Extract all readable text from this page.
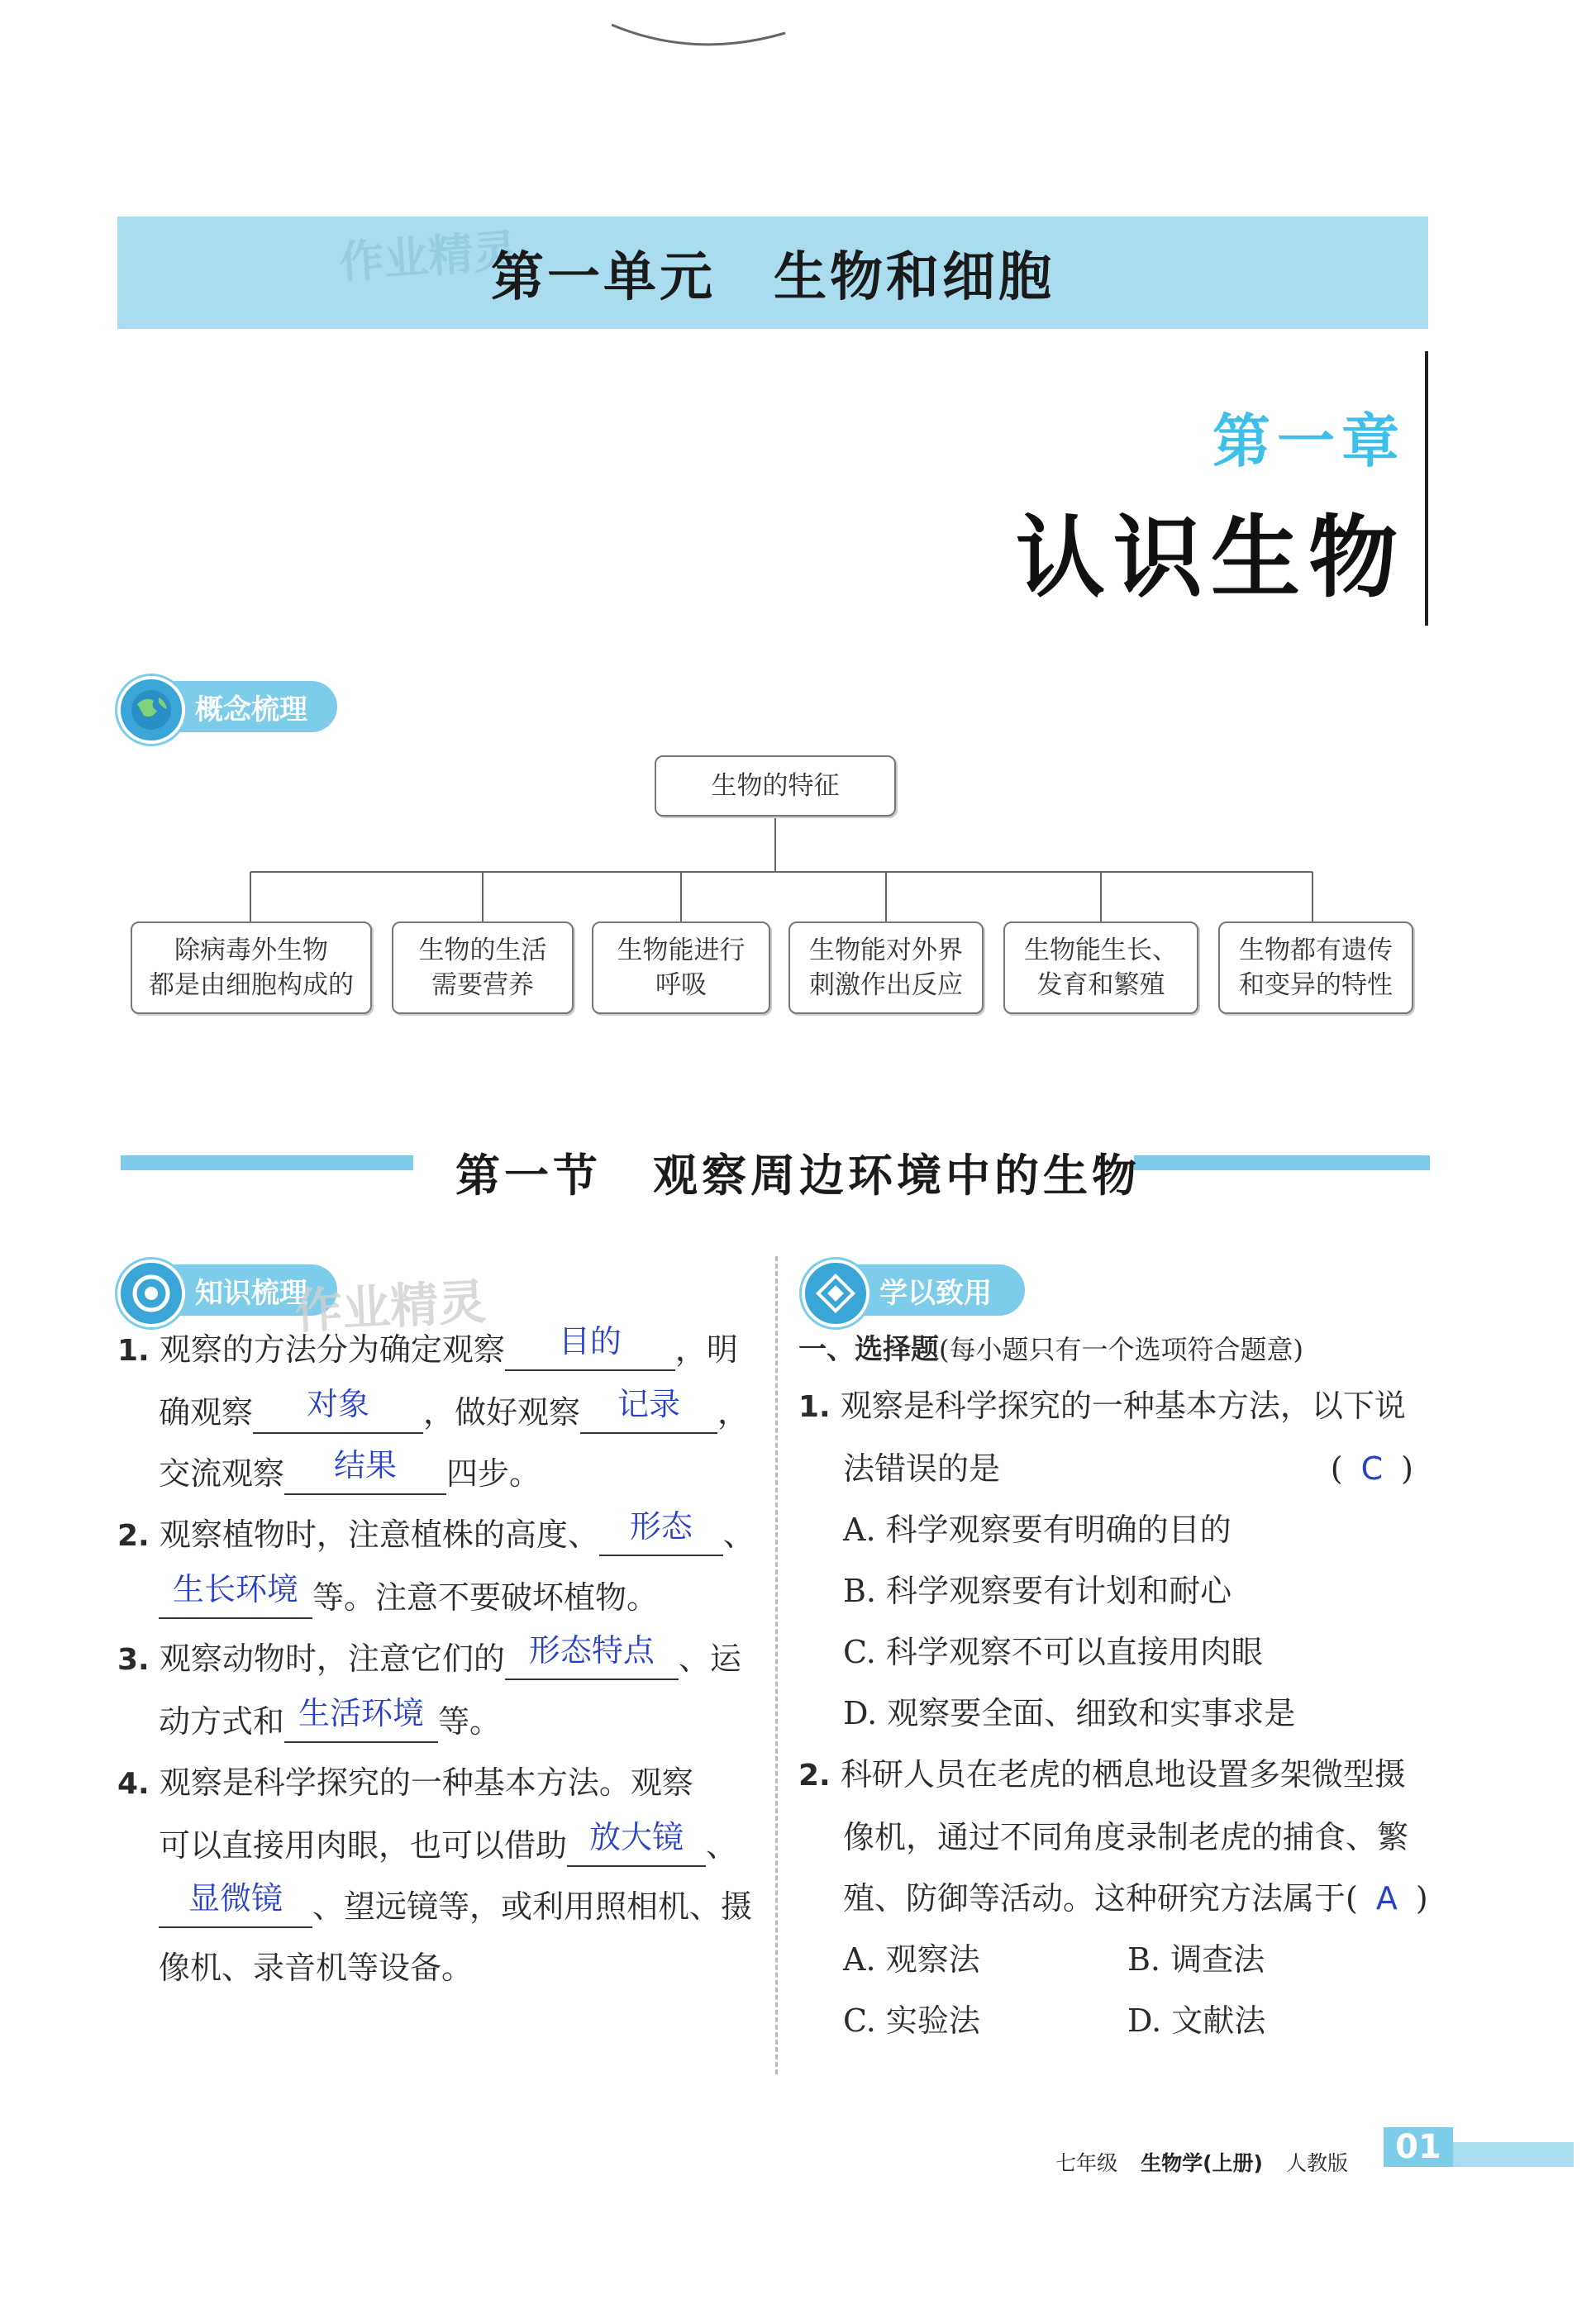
作业精灵
第一单元 生物和细胞
第一章
认识生物
概念梳理
生物的特征
除病毒外生物
都是由细胞构成的
生物的生活
需要营养
生物能进行
呼吸
生物能对外界
刺激作出反应
生物能生长、
发育和繁殖
生物都有遗传
和变异的特性
第一节 观察周边环境中的生物
知识梳理
作业精灵
1. 观察的方法分为确定观察 目的 ，明
确观察 对象 ，做好观察 记录 ，
交流观察 结果 四步。
2. 观察植物时，注意植株的高度、 形态 、
生长环境 等。注意不要破坏植物。
3. 观察动物时，注意它们的 形态特点 、运
动方式和 生活环境 等。
4. 观察是科学探究的一种基本方法。观察
可以直接用肉眼，也可以借助 放大镜 、
显微镜 、望远镜等，或利用照相机、摄
像机、录音机等设备。
学以致用
一、选择题(每小题只有一个选项符合题意)
1. 观察是科学探究的一种基本方法，以下说
法错误的是	( C )
A. 科学观察要有明确的目的
B. 科学观察要有计划和耐心
C. 科学观察不可以直接用肉眼
D. 观察要全面、细致和实事求是
2. 科研人员在老虎的栖息地设置多架微型摄
像机，通过不同角度录制老虎的捕食、繁
殖、防御等活动。这种研究方法属于( A )
A. 观察法	B. 调查法
C. 实验法	D. 文献法
01
七年级 生物学(上册) 人教版
